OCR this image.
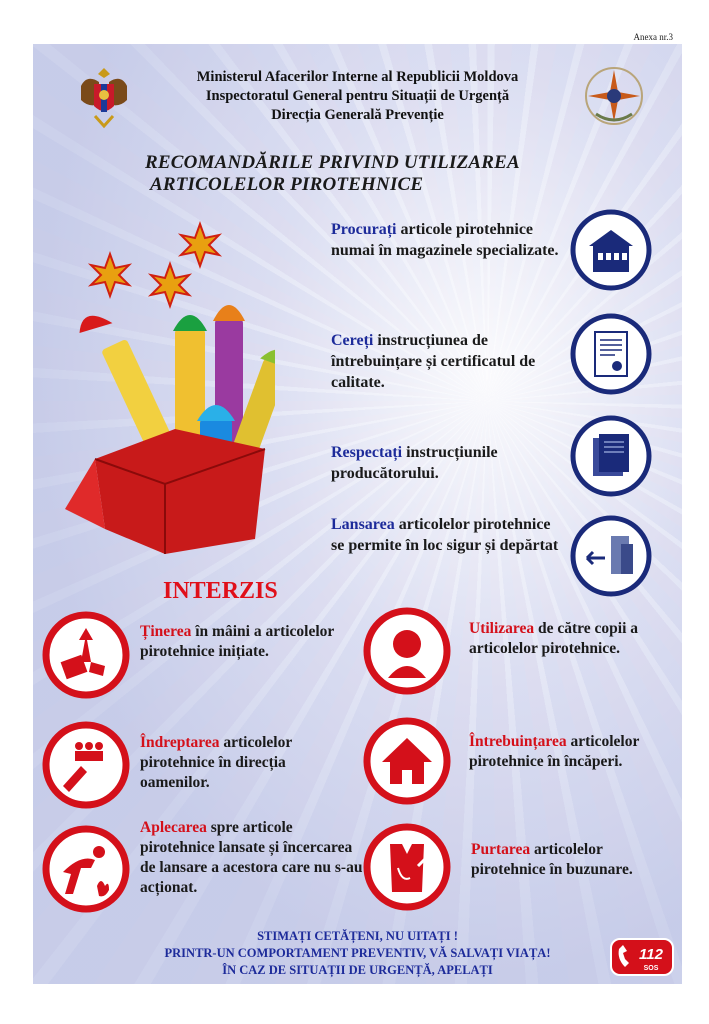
Anexa nr.3
Ministerul Afacerilor Interne al Republicii Moldova
Inspectoratul General pentru Situații de Urgență
Direcția Generală Prevenție
RECOMANDĂRILE PRIVIND UTILIZAREA
ARTICOLELOR PIROTEHNICE
Procurați articole pirotehnice numai în magazinele specializate.
Cereți instrucțiunea de întrebuințare și certificatul de calitate.
Respectați instrucțiunile producătorului.
Lansarea articolelor pirotehnice se permite în loc sigur și depărtat
INTERZIS
Ținerea în mâini a articolelor pirotehnice inițiate.
Utilizarea de către copii a articolelor pirotehnice.
Îndreptarea articolelor pirotehnice în direcția oamenilor.
Întrebuințarea articolelor pirotehnice în încăperi.
Aplecarea spre articole pirotehnice lansate și încercarea de lansare a acestora care nu s-au acționat.
Purtarea articolelor pirotehnice în buzunare.
STIMAȚI CETĂȚENI, NU UITAȚI !
PRINTR-UN COMPORTAMENT PREVENTIV, VĂ SALVAȚI VIAȚA!
ÎN CAZ DE SITUAȚII DE URGENȚĂ, APELAȚI
112
SOS
